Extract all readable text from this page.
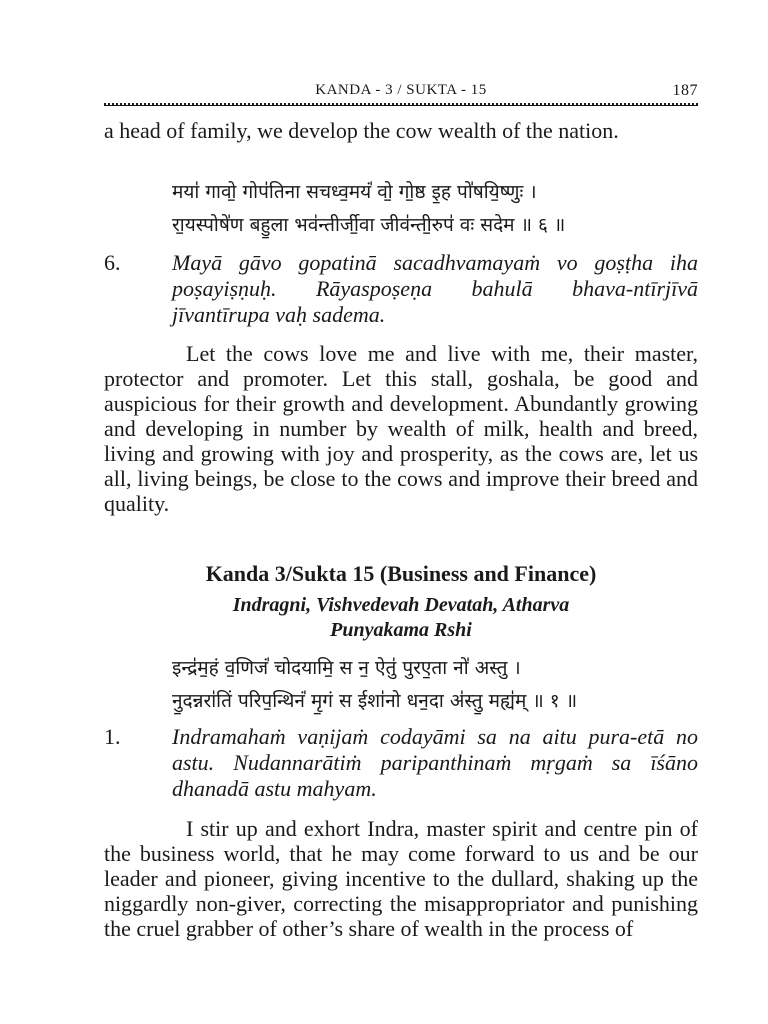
KANDA - 3 / SUKTA - 15	187
a head of family, we develop the cow wealth of the nation.
मया॑ गावो॒ गोप॑तिना सचध्व॒मयं॑ वो॒ गो॒ष्ठ इ॒ह पो॑षयि॒ष्णुः ।
रा॒यस्पोषे॑ण बहु॒ला भव॑न्तीर्जी॒वा जीव॑न्ती॒रुप॑ वः सदेम ॥ ६ ॥
6. Mayā gāvo gopatinā sacadhvamayaṁ vo goṣṭha iha poṣayiṣṇuḥ. Rāyaspoṣeṇa bahulā bhava-ntīrjīvā jīvantīrupa vaḥ sadema.
Let the cows love me and live with me, their master, protector and promoter. Let this stall, goshala, be good and auspicious for their growth and development. Abundantly growing and developing in number by wealth of milk, health and breed, living and growing with joy and prosperity, as the cows are, let us all, living beings, be close to the cows and improve their breed and quality.
Kanda 3/Sukta 15 (Business and Finance)
Indragni, Vishvedevah Devatah, Atharva
Punyakama Rshi
इन्द्र॑म॒हं व॒णिजं॑ चोदयामि॒ स न॒ ऐतु॑ पुरए॒ता नो॑ अस्तु ।
नु॒दन्नरा॑तिं परिप॒न्थिनं॑ मृ॒गं स ईशा॑नो धन॒दा अ॑स्तु॒ मह्य॑म् ॥ १ ॥
1. Indramahaṁ vaṇijaṁ codayāmi sa na aitu pura-etā no astu. Nudannarātiṁ paripanthinaṁ mṛgaṁ sa īśāno dhanadā astu mahyam.
I stir up and exhort Indra, master spirit and centre pin of the business world, that he may come forward to us and be our leader and pioneer, giving incentive to the dullard, shaking up the niggardly non-giver, correcting the misappropriator and punishing the cruel grabber of other’s share of wealth in the process of
